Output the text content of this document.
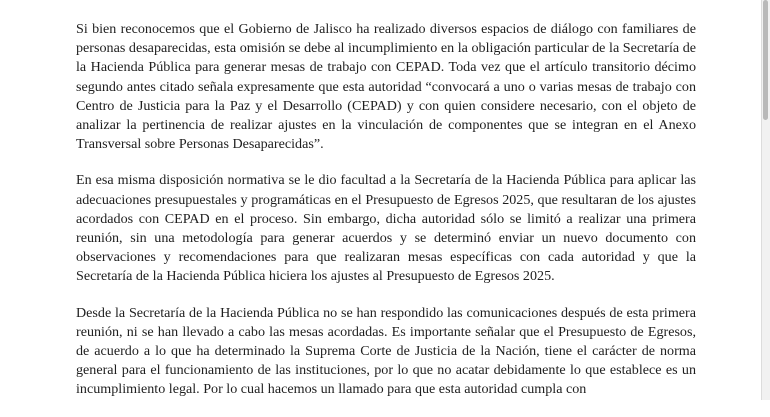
Si bien reconocemos que el Gobierno de Jalisco ha realizado diversos espacios de diálogo con familiares de personas desaparecidas, esta omisión se debe al incumplimiento en la obligación particular de la Secretaría de la Hacienda Pública para generar mesas de trabajo con CEPAD. Toda vez que el artículo transitorio décimo segundo antes citado señala expresamente que esta autoridad “convocará a uno o varias mesas de trabajo con Centro de Justicia para la Paz y el Desarrollo (CEPAD) y con quien considere necesario, con el objeto de analizar la pertinencia de realizar ajustes en la vinculación de componentes que se integran en el Anexo Transversal sobre Personas Desaparecidas”.

En esa misma disposición normativa se le dio facultad a la Secretaría de la Hacienda Pública para aplicar las adecuaciones presupuestales y programáticas en el Presupuesto de Egresos 2025, que resultaran de los ajustes acordados con CEPAD en el proceso. Sin embargo, dicha autoridad sólo se limitó a realizar una primera reunión, sin una metodología para generar acuerdos y se determinó enviar un nuevo documento con observaciones y recomendaciones para que realizaran mesas específicas con cada autoridad y que la Secretaría de la Hacienda Pública hiciera los ajustes al Presupuesto de Egresos 2025.

Desde la Secretaría de la Hacienda Pública no se han respondido las comunicaciones después de esta primera reunión, ni se han llevado a cabo las mesas acordadas. Es importante señalar que el Presupuesto de Egresos, de acuerdo a lo que ha determinado la Suprema Corte de Justicia de la Nación, tiene el carácter de norma general para el funcionamiento de las instituciones, por lo que no acatar debidamente lo que establece es un incumplimiento legal. Por lo cual hacemos un llamado para que esta autoridad cumpla con
